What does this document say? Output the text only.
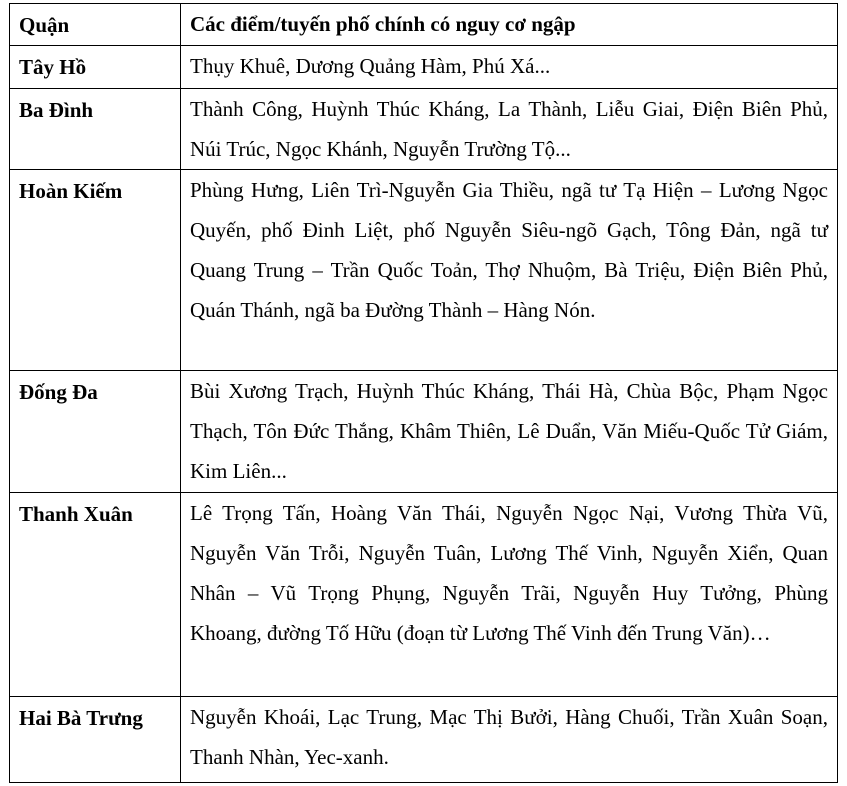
Quận	Các điểm/tuyến phố chính có nguy cơ ngập

Tây Hồ	Thụy Khuê, Dương Quảng Hàm, Phú Xá...

Ba Đình	Thành Công, Huỳnh Thúc Kháng, La Thành, Liễu Giai, Điện Biên Phủ, Núi Trúc, Ngọc Khánh, Nguyễn Trường Tộ...

Hoàn Kiếm	Phùng Hưng, Liên Trì-Nguyễn Gia Thiều, ngã tư Tạ Hiện – Lương Ngọc Quyến, phố Đinh Liệt, phố Nguyễn Siêu-ngõ Gạch, Tông Đản, ngã tư Quang Trung – Trần Quốc Toản, Thợ Nhuộm, Bà Triệu, Điện Biên Phủ, Quán Thánh, ngã ba Đường Thành – Hàng Nón.

Đống Đa	Bùi Xương Trạch, Huỳnh Thúc Kháng, Thái Hà, Chùa Bộc, Phạm Ngọc Thạch, Tôn Đức Thắng, Khâm Thiên, Lê Duẩn, Văn Miếu-Quốc Tử Giám, Kim Liên...

Thanh Xuân	Lê Trọng Tấn, Hoàng Văn Thái, Nguyễn Ngọc Nại, Vương Thừa Vũ, Nguyễn Văn Trỗi, Nguyễn Tuân, Lương Thế Vinh, Nguyễn Xiển, Quan Nhân – Vũ Trọng Phụng, Nguyễn Trãi, Nguyễn Huy Tưởng, Phùng Khoang, đường Tố Hữu (đoạn từ Lương Thế Vinh đến Trung Văn)…

Hai Bà Trưng	Nguyễn Khoái, Lạc Trung, Mạc Thị Bưởi, Hàng Chuối, Trần Xuân Soạn, Thanh Nhàn, Yec-xanh.
